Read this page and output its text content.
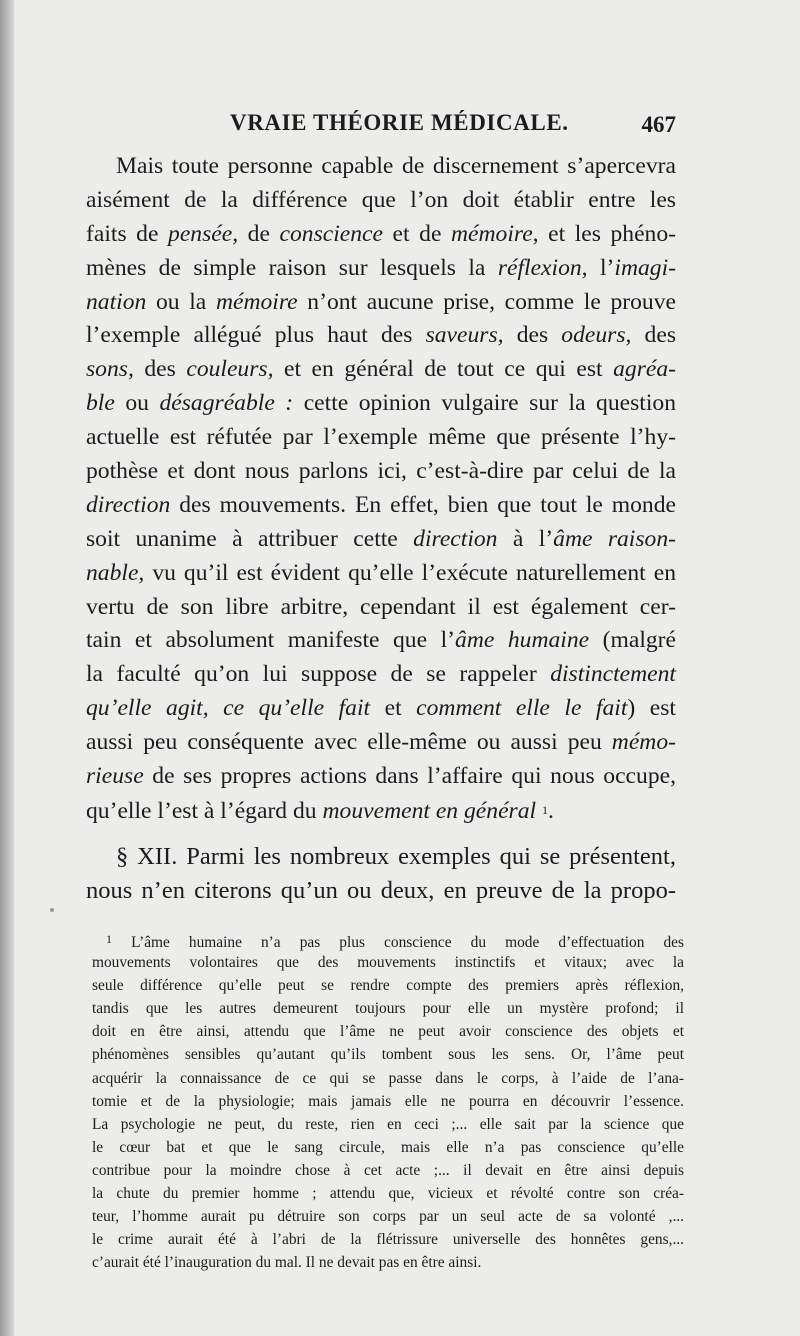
VRAIE THÉORIE MÉDICALE.	467
Mais toute personne capable de discernement s’apercevra
aisément de la différence que l’on doit établir entre les
faits de pensée, de conscience et de mémoire, et les phéno-
mènes de simple raison sur lesquels la réflexion, l’imagi-
nation ou la mémoire n’ont aucune prise, comme le prouve
l’exemple allégué plus haut des saveurs, des odeurs, des
sons, des couleurs, et en général de tout ce qui est agréa-
ble ou désagréable : cette opinion vulgaire sur la question
actuelle est réfutée par l’exemple même que présente l’hy-
pothèse et dont nous parlons ici, c’est-à-dire par celui de la
direction des mouvements. En effet, bien que tout le monde
soit unanime à attribuer cette direction à l’âme raison-
nable, vu qu’il est évident qu’elle l’exécute naturellement en
vertu de son libre arbitre, cependant il est également cer-
tain et absolument manifeste que l’âme humaine (malgré
la faculté qu’on lui suppose de se rappeler distinctement
qu’elle agit, ce qu’elle fait et comment elle le fait) est
aussi peu conséquente avec elle-même ou aussi peu mémo-
rieuse de ses propres actions dans l’affaire qui nous occupe,
qu’elle l’est à l’égard du mouvement en général $^1$.
§ XII. Parmi les nombreux exemples qui se présentent,
nous n’en citerons qu’un ou deux, en preuve de la propo-
$^1$ L’âme humaine n’a pas plus conscience du mode d’effectuation des
mouvements volontaires que des mouvements instinctifs et vitaux; avec la
seule différence qu’elle peut se rendre compte des premiers après réflexion,
tandis que les autres demeurent toujours pour elle un mystère profond; il
doit en être ainsi, attendu que l’âme ne peut avoir conscience des objets et
phénomènes sensibles qu’autant qu’ils tombent sous les sens. Or, l’âme peut
acquérir la connaissance de ce qui se passe dans le corps, à l’aide de l’ana-
tomie et de la physiologie; mais jamais elle ne pourra en découvrir l’essence.
La psychologie ne peut, du reste, rien en ceci ;... elle sait par la science que
le cœur bat et que le sang circule, mais elle n’a pas conscience qu’elle
contribue pour la moindre chose à cet acte ;... il devait en être ainsi depuis
la chute du premier homme ; attendu que, vicieux et révolté contre son créa-
teur, l’homme aurait pu détruire son corps par un seul acte de sa volonté ,...
le crime aurait été à l’abri de la flétrissure universelle des honnêtes gens,...
c’aurait été l’inauguration du mal. Il ne devait pas en être ainsi.
